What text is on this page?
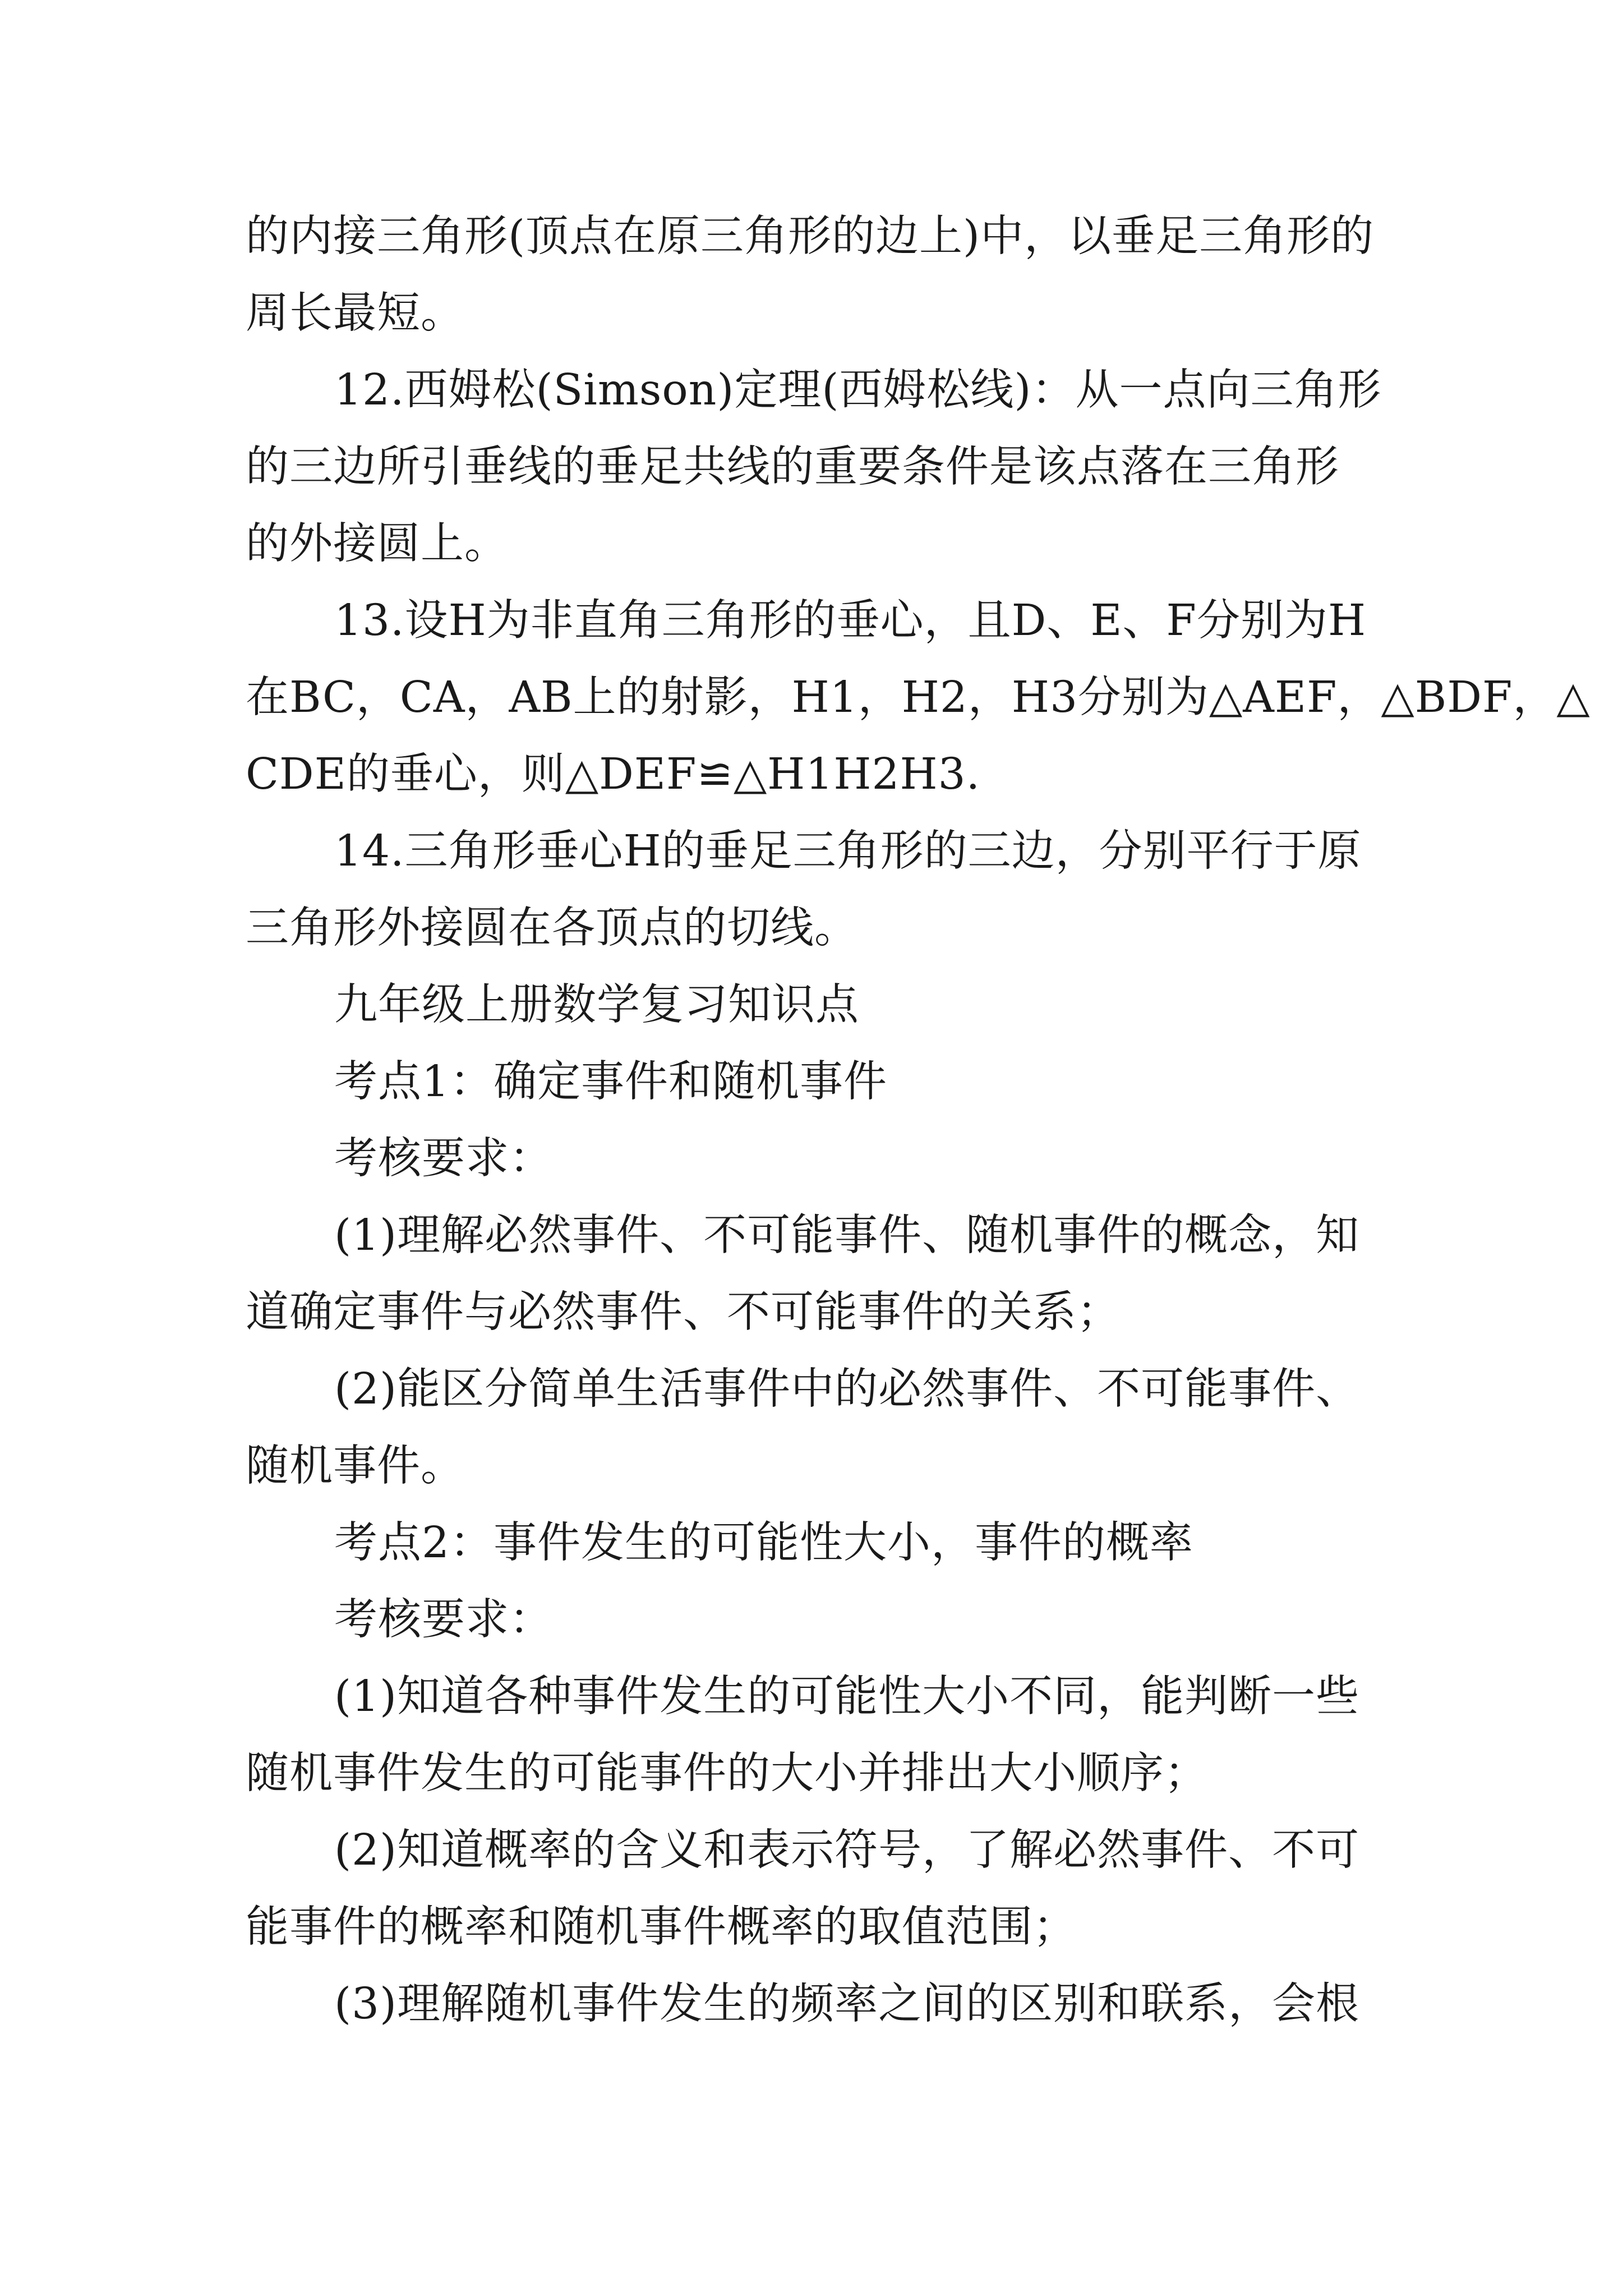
的内接三角形(顶点在原三角形的边上)中，以垂足三角形的
周长最短。
12.西姆松(Simson)定理(西姆松线)：从一点向三角形
的三边所引垂线的垂足共线的重要条件是该点落在三角形
的外接圆上。
13.设H为非直角三角形的垂心，且D、E、F分别为H
在BC，CA，AB上的射影，H1，H2，H3分别为△AEF，△BDF，△
CDE的垂心，则△DEF≌△H1H2H3.
14.三角形垂心H的垂足三角形的三边，分别平行于原
三角形外接圆在各顶点的切线。
九年级上册数学复习知识点
考点1：确定事件和随机事件
考核要求：
(1)理解必然事件、不可能事件、随机事件的概念，知
道确定事件与必然事件、不可能事件的关系；
(2)能区分简单生活事件中的必然事件、不可能事件、
随机事件。
考点2：事件发生的可能性大小，事件的概率
考核要求：
(1)知道各种事件发生的可能性大小不同，能判断一些
随机事件发生的可能事件的大小并排出大小顺序；
(2)知道概率的含义和表示符号，了解必然事件、不可
能事件的概率和随机事件概率的取值范围；
(3)理解随机事件发生的频率之间的区别和联系，会根
